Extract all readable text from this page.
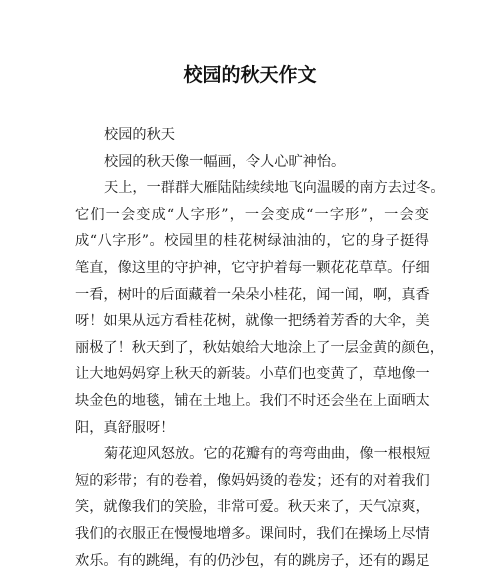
校园的秋天作文
校园的秋天
校园的秋天像一幅画，令人心旷神怡。
天上，一群群大雁陆陆续续地飞向温暖的南方去过冬。
它们一会变成“人字形”，一会变成“一字形”，一会变
成“八字形”。校园里的桂花树绿油油的，它的身子挺得
笔直，像这里的守护神，它守护着每一颗花花草草。仔细
一看，树叶的后面藏着一朵朵小桂花，闻一闻，啊，真香
呀！如果从远方看桂花树，就像一把绣着芳香的大伞，美
丽极了！秋天到了，秋姑娘给大地涂上了一层金黄的颜色，
让大地妈妈穿上秋天的新装。小草们也变黄了，草地像一
块金色的地毯，铺在土地上。我们不时还会坐在上面晒太
阳，真舒服呀！
菊花迎风怒放。它的花瓣有的弯弯曲曲，像一根根短
短的彩带；有的卷着，像妈妈烫的卷发；还有的对着我们
笑，就像我们的笑脸，非常可爱。秋天来了，天气凉爽，
我们的衣服正在慢慢地增多。课间时，我们在操场上尽情
欢乐。有的跳绳，有的仍沙包，有的跳房子，还有的踢足
